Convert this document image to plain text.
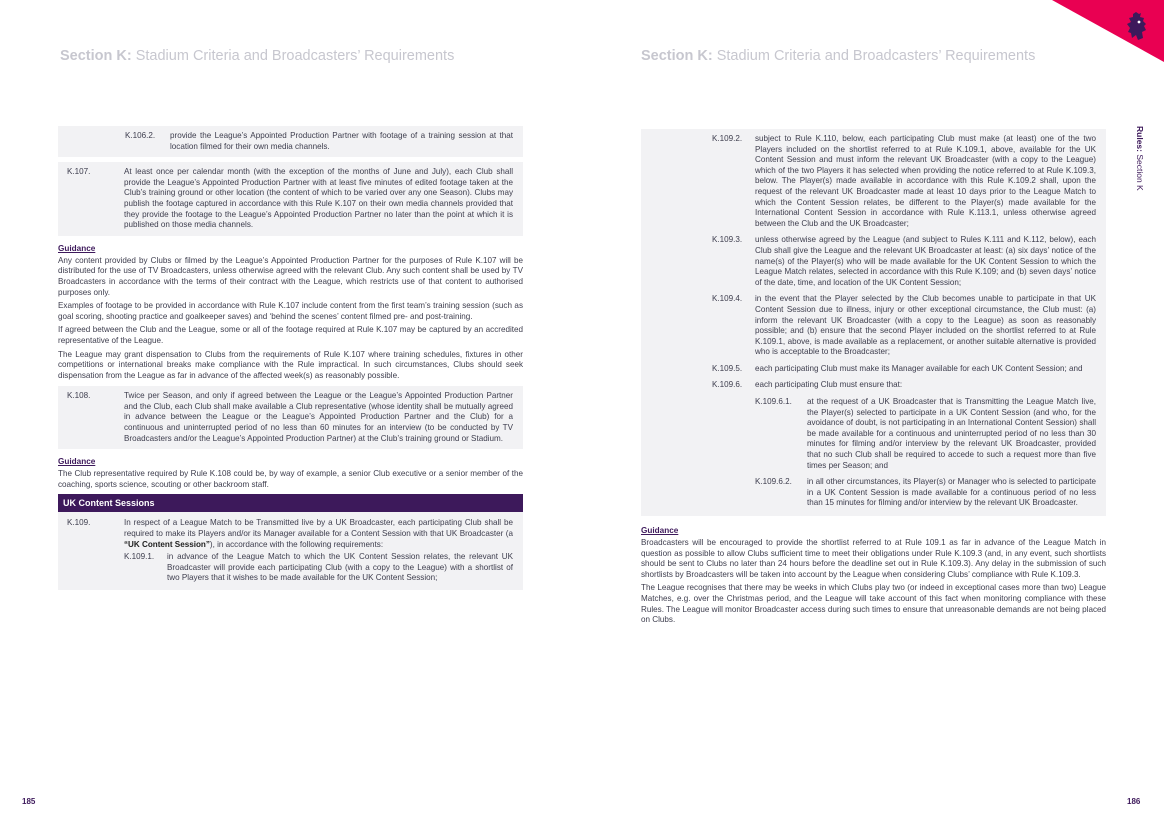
Section K: Stadium Criteria and Broadcasters’ Requirements
K.106.2.	provide the League’s Appointed Production Partner with footage of a training session at that location filmed for their own media channels.
K.107.	At least once per calendar month (with the exception of the months of June and July), each Club shall provide the League’s Appointed Production Partner with at least five minutes of edited footage taken at the Club’s training ground or other location (the content of which to be varied over any one Season). Clubs may publish the footage captured in accordance with this Rule K.107 on their own media channels provided that they provide the footage to the League’s Appointed Production Partner no later than the point at which it is published on those media channels.
Guidance

Any content provided by Clubs or filmed by the League’s Appointed Production Partner for the purposes of Rule K.107 will be distributed for the use of TV Broadcasters, unless otherwise agreed with the relevant Club. Any such content shall be used by TV Broadcasters in accordance with the terms of their contract with the League, which restricts use of that content to authorised purposes only.

Examples of footage to be provided in accordance with Rule K.107 include content from the first team’s training session (such as goal scoring, shooting practice and goalkeeper saves) and ‘behind the scenes’ content filmed pre- and post-training.

If agreed between the Club and the League, some or all of the footage required at Rule K.107 may be captured by an accredited representative of the League.

The League may grant dispensation to Clubs from the requirements of Rule K.107 where training schedules, fixtures in other competitions or international breaks make compliance with the Rule impractical. In such circumstances, Clubs should seek dispensation from the League as far in advance of the affected week(s) as reasonably possible.

K.108.	Twice per Season, and only if agreed between the League or the League’s Appointed Production Partner and the Club, each Club shall make available a Club representative (whose identity shall be mutually agreed in advance between the League or the League’s Appointed Production Partner and the Club) for a continuous and uninterrupted period of no less than 60 minutes for an interview (to be conducted by TV Broadcasters and/or the League’s Appointed Production Partner) at the Club’s training ground or Stadium.
Guidance

The Club representative required by Rule K.108 could be, by way of example, a senior Club executive or a senior member of the coaching, sports science, scouting or other backroom staff.

UK Content Sessions
K.109.	In respect of a League Match to be Transmitted live by a UK Broadcaster, each participating Club shall be required to make its Players and/or its Manager available for a Content Session with that UK Broadcaster (a “UK Content Session”), in accordance with the following requirements:
K.109.1.	in advance of the League Match to which the UK Content Session relates, the relevant UK Broadcaster will provide each participating Club (with a copy to the League) with a shortlist of two Players that it wishes to be made available for the UK Content Session;
185
Section K: Stadium Criteria and Broadcasters’ Requirements
Rules: Section K
K.109.2.	subject to Rule K.110, below, each participating Club must make (at least) one of the two Players included on the shortlist referred to at Rule K.109.1, above, available for the UK Content Session and must inform the relevant UK Broadcaster (with a copy to the League) which of the two Players it has selected when providing the notice referred to at Rule K.109.3, below. The Player(s) made available in accordance with this Rule K.109.2 shall, upon the request of the relevant UK Broadcaster made at least 10 days prior to the League Match to which the Content Session relates, be different to the Player(s) made available for the International Content Session in accordance with Rule K.113.1, unless otherwise agreed between the Club and the UK Broadcaster;
K.109.3.	unless otherwise agreed by the League (and subject to Rules K.111 and K.112, below), each Club shall give the League and the relevant UK Broadcaster at least: (a) six days’ notice of the name(s) of the Player(s) who will be made available for the UK Content Session to which the League Match relates, selected in accordance with this Rule K.109; and (b) seven days’ notice of the date, time, and location of the UK Content Session;
K.109.4.	in the event that the Player selected by the Club becomes unable to participate in that UK Content Session due to illness, injury or other exceptional circumstance, the Club must: (a) inform the relevant UK Broadcaster (with a copy to the League) as soon as reasonably possible; and (b) ensure that the second Player included on the shortlist referred to at Rule K.109.1, above, is made available as a replacement, or another suitable alternative is provided who is acceptable to the Broadcaster;
K.109.5.	each participating Club must make its Manager available for each UK Content Session; and
K.109.6.	each participating Club must ensure that:
K.109.6.1.	at the request of a UK Broadcaster that is Transmitting the League Match live, the Player(s) selected to participate in a UK Content Session (and who, for the avoidance of doubt, is not participating in an International Content Session) shall be made available for a continuous and uninterrupted period of no less than 30 minutes for filming and/or interview by the relevant UK Broadcaster, provided that no such Club shall be required to accede to such a request more than five times per Season; and
K.109.6.2.	in all other circumstances, its Player(s) or Manager who is selected to participate in a UK Content Session is made available for a continuous period of no less than 15 minutes for filming and/or interview by the relevant UK Broadcaster.
Guidance

Broadcasters will be encouraged to provide the shortlist referred to at Rule 109.1 as far in advance of the League Match in question as possible to allow Clubs sufficient time to meet their obligations under Rule K.109.3 (and, in any event, such shortlists should be sent to Clubs no later than 24 hours before the deadline set out in Rule K.109.3). Any delay in the submission of such shortlists by Broadcasters will be taken into account by the League when considering Clubs’ compliance with Rule K.109.3.

The League recognises that there may be weeks in which Clubs play two (or indeed in exceptional cases more than two) League Matches, e.g. over the Christmas period, and the League will take account of this fact when monitoring compliance with these Rules. The League will monitor Broadcaster access during such times to ensure that unreasonable demands are not being placed on Clubs.

186
